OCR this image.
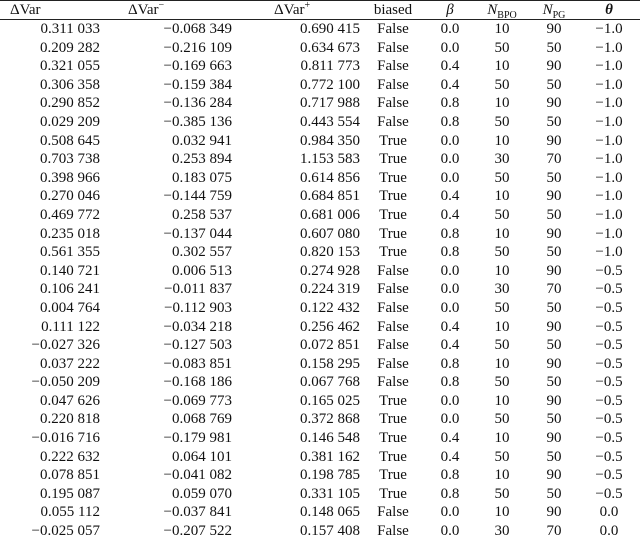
ΔVar	ΔVar−	ΔVar+	biased	β	$N_{BPO}$	$N_{PG}$	θ

0.311 033	−0.068 349	0.690 415	False	0.0	10	90	−1.0
0.209 282	−0.216 109	0.634 673	False	0.0	50	50	−1.0
0.321 055	−0.169 663	0.811 773	False	0.4	10	90	−1.0
0.306 358	−0.159 384	0.772 100	False	0.4	50	50	−1.0
0.290 852	−0.136 284	0.717 988	False	0.8	10	90	−1.0
0.029 209	−0.385 136	0.443 554	False	0.8	50	50	−1.0
0.508 645	0.032 941	0.984 350	True	0.0	10	90	−1.0
0.703 738	0.253 894	1.153 583	True	0.0	30	70	−1.0
0.398 966	0.183 075	0.614 856	True	0.0	50	50	−1.0
0.270 046	−0.144 759	0.684 851	True	0.4	10	90	−1.0
0.469 772	0.258 537	0.681 006	True	0.4	50	50	−1.0
0.235 018	−0.137 044	0.607 080	True	0.8	10	90	−1.0
0.561 355	0.302 557	0.820 153	True	0.8	50	50	−1.0
0.140 721	0.006 513	0.274 928	False	0.0	10	90	−0.5
0.106 241	−0.011 837	0.224 319	False	0.0	30	70	−0.5
0.004 764	−0.112 903	0.122 432	False	0.0	50	50	−0.5
0.111 122	−0.034 218	0.256 462	False	0.4	10	90	−0.5
−0.027 326	−0.127 503	0.072 851	False	0.4	50	50	−0.5
0.037 222	−0.083 851	0.158 295	False	0.8	10	90	−0.5
−0.050 209	−0.168 186	0.067 768	False	0.8	50	50	−0.5
0.047 626	−0.069 773	0.165 025	True	0.0	10	90	−0.5
0.220 818	0.068 769	0.372 868	True	0.0	50	50	−0.5
−0.016 716	−0.179 981	0.146 548	True	0.4	10	90	−0.5
0.222 632	0.064 101	0.381 162	True	0.4	50	50	−0.5
0.078 851	−0.041 082	0.198 785	True	0.8	10	90	−0.5
0.195 087	0.059 070	0.331 105	True	0.8	50	50	−0.5
0.055 112	−0.037 841	0.148 065	False	0.0	10	90	0.0
−0.025 057	−0.207 522	0.157 408	False	0.0	30	70	0.0
